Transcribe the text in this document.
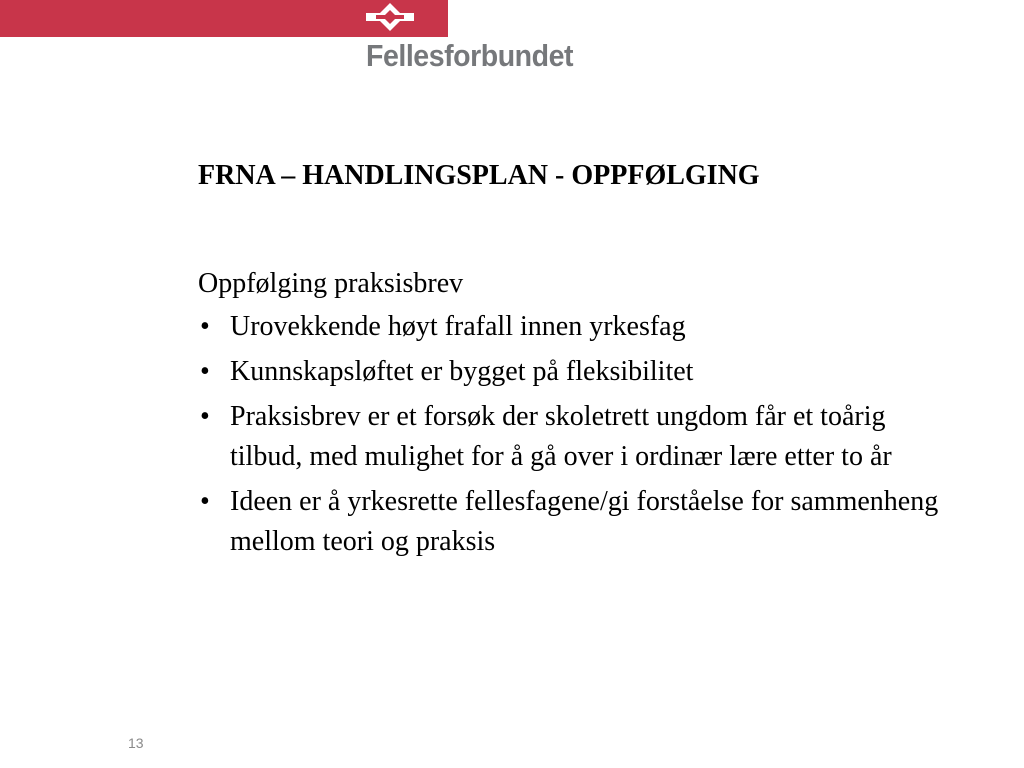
Fellesforbundet
FRNA – HANDLINGSPLAN - OPPFØLGING

Oppfølging praksisbrev

• Urovekkende høyt frafall innen yrkesfag
• Kunnskapsløftet er bygget på fleksibilitet
• Praksisbrev er et forsøk der skoletrett ungdom får et toårig tilbud, med mulighet for å gå over i ordinær lære etter to år
• Ideen er å yrkesrette fellesfagene/gi forståelse for sammenheng mellom teori og praksis
13
